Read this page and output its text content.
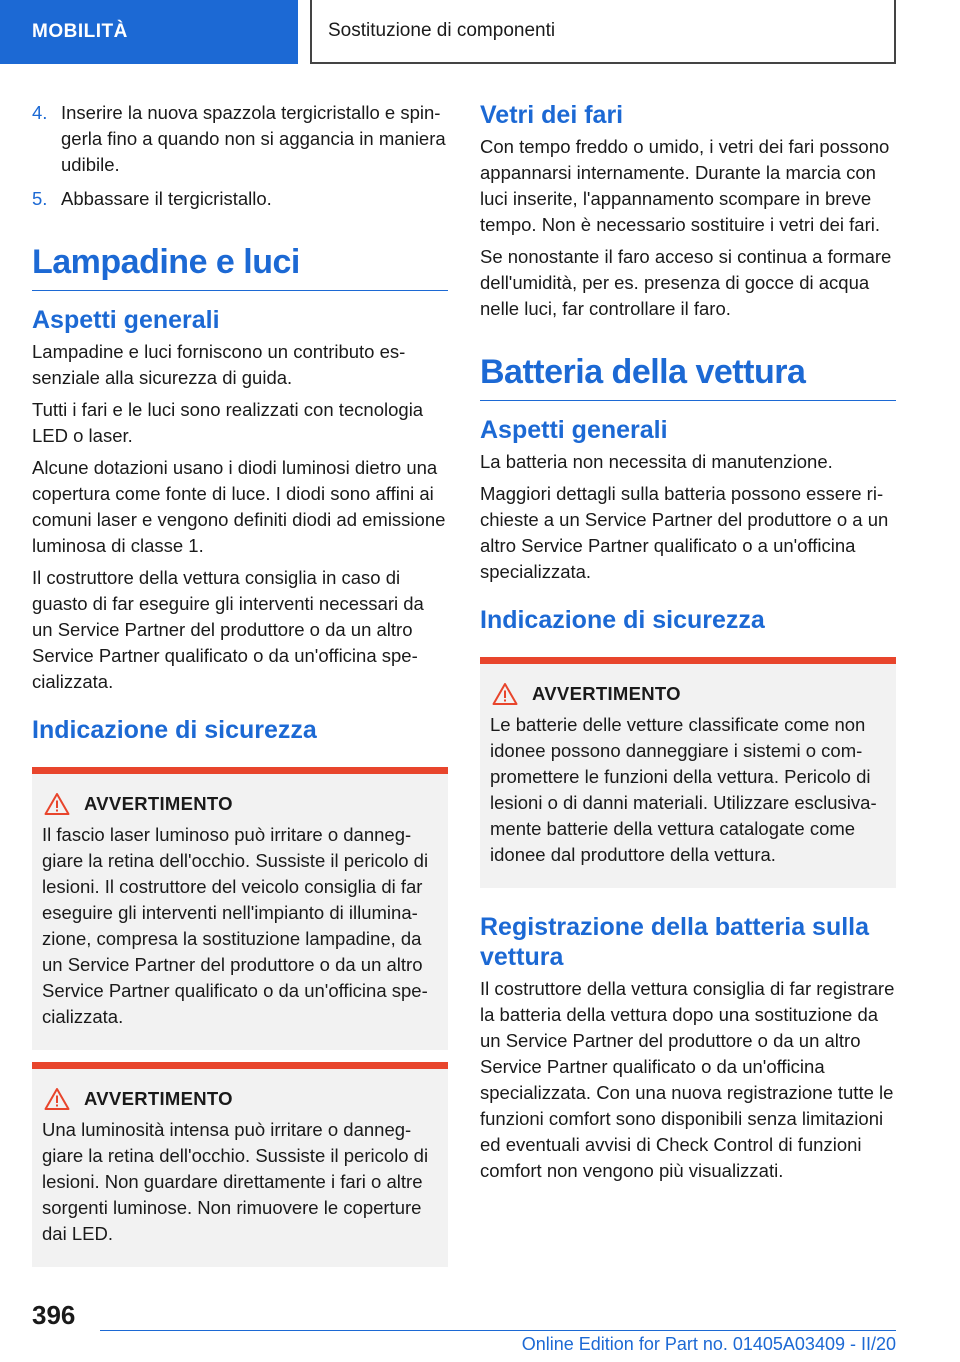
MOBILITÀ	Sostituzione di componenti
4. Inserire la nuova spazzola tergicristallo e spingerla fino a quando non si aggancia in maniera udibile.
5. Abbassare il tergicristallo.
Lampadine e luci
Aspetti generali

Lampadine e luci forniscono un contributo essenziale alla sicurezza di guida.

Tutti i fari e le luci sono realizzati con tecnologia LED o laser.

Alcune dotazioni usano i diodi luminosi dietro una copertura come fonte di luce. I diodi sono affini ai comuni laser e vengono definiti diodi ad emissione luminosa di classe 1.

Il costruttore della vettura consiglia in caso di guasto di far eseguire gli interventi necessari da un Service Partner del produttore o da un altro Service Partner qualificato o da un'officina specializzata.

Indicazione di sicurezza
AVVERTIMENTO

Il fascio laser luminoso può irritare o danneggiare la retina dell'occhio. Sussiste il pericolo di lesioni. Il costruttore del veicolo consiglia di far eseguire gli interventi nell'impianto di illuminazione, compresa la sostituzione lampadine, da un Service Partner del produttore o da un altro Service Partner qualificato o da un'officina specializzata.

AVVERTIMENTO

Una luminosità intensa può irritare o danneggiare la retina dell'occhio. Sussiste il pericolo di lesioni. Non guardare direttamente i fari o altre sorgenti luminose. Non rimuovere le coperture dai LED.

Vetri dei fari

Con tempo freddo o umido, i vetri dei fari possono appannarsi internamente. Durante la marcia con luci inserite, l'appannamento scompare in breve tempo. Non è necessario sostituire i vetri dei fari.

Se nonostante il faro acceso si continua a formare dell'umidità, per es. presenza di gocce di acqua nelle luci, far controllare il faro.

Batteria della vettura
Aspetti generali

La batteria non necessita di manutenzione.

Maggiori dettagli sulla batteria possono essere richieste a un Service Partner del produttore o a un altro Service Partner qualificato o a un'officina specializzata.

Indicazione di sicurezza
AVVERTIMENTO

Le batterie delle vetture classificate come non idonee possono danneggiare i sistemi o compromettere le funzioni della vettura. Pericolo di lesioni o di danni materiali. Utilizzare esclusivamente batterie della vettura catalogate come idonee dal produttore della vettura.

Registrazione della batteria sulla vettura

Il costruttore della vettura consiglia di far registrare la batteria della vettura dopo una sostituzione da un Service Partner del produttore o da un altro Service Partner qualificato o da un'officina specializzata. Con una nuova registrazione tutte le funzioni comfort sono disponibili senza limitazioni ed eventuali avvisi di Check Control di funzioni comfort non vengono più visualizzati.

396
Online Edition for Part no. 01405A03409 - II/20
